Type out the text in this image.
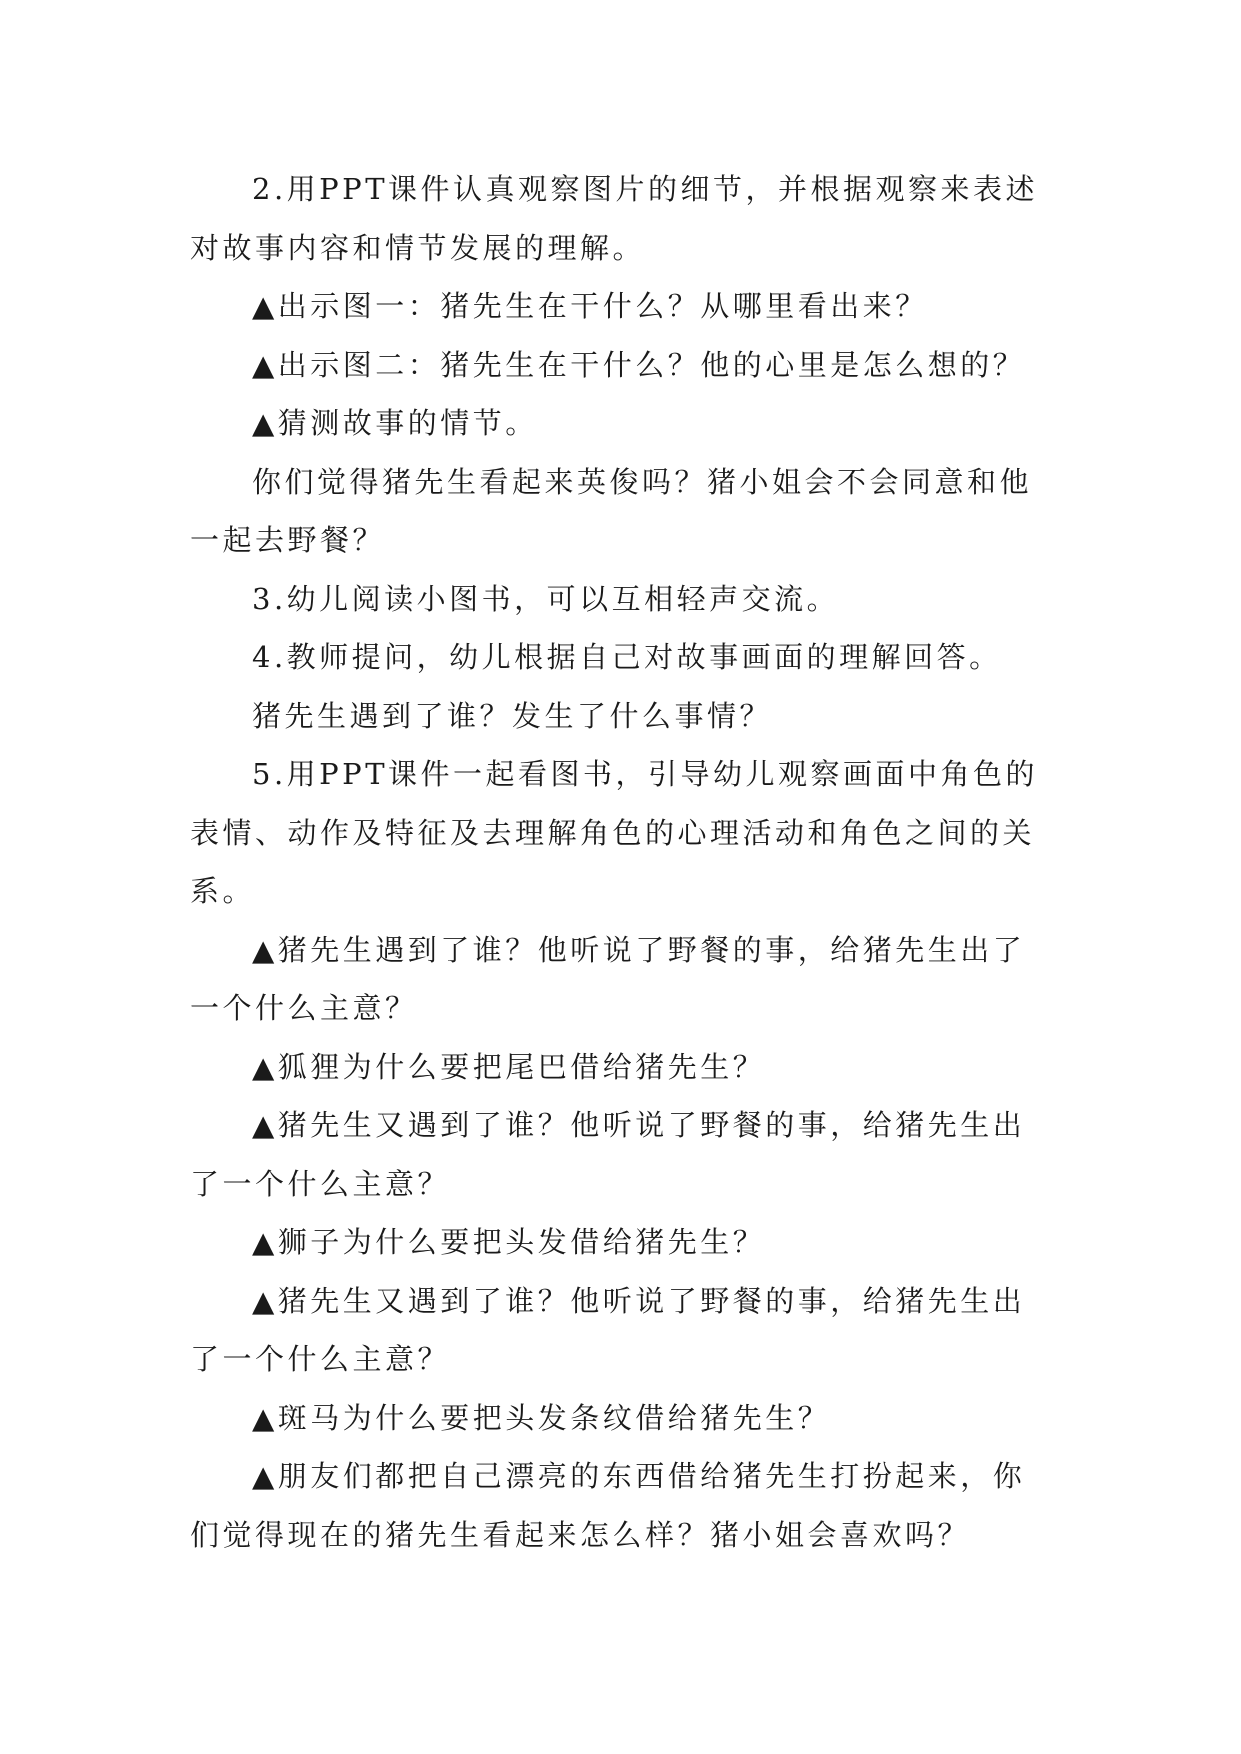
2.用PPT课件认真观察图片的细节，并根据观察来表述对故事内容和情节发展的理解。

▲出示图一：猪先生在干什么？从哪里看出来？

▲出示图二：猪先生在干什么？他的心里是怎么想的？

▲猜测故事的情节。

你们觉得猪先生看起来英俊吗？猪小姐会不会同意和他一起去野餐？

3.幼儿阅读小图书，可以互相轻声交流。

4.教师提问，幼儿根据自己对故事画面的理解回答。

猪先生遇到了谁？发生了什么事情？

5.用PPT课件一起看图书，引导幼儿观察画面中角色的表情、动作及特征及去理解角色的心理活动和角色之间的关系。

▲猪先生遇到了谁？他听说了野餐的事，给猪先生出了一个什么主意？

▲狐狸为什么要把尾巴借给猪先生？

▲猪先生又遇到了谁？他听说了野餐的事，给猪先生出了一个什么主意？

▲狮子为什么要把头发借给猪先生？

▲猪先生又遇到了谁？他听说了野餐的事，给猪先生出了一个什么主意？

▲斑马为什么要把头发条纹借给猪先生？

▲朋友们都把自己漂亮的东西借给猪先生打扮起来，你们觉得现在的猪先生看起来怎么样？猪小姐会喜欢吗？
